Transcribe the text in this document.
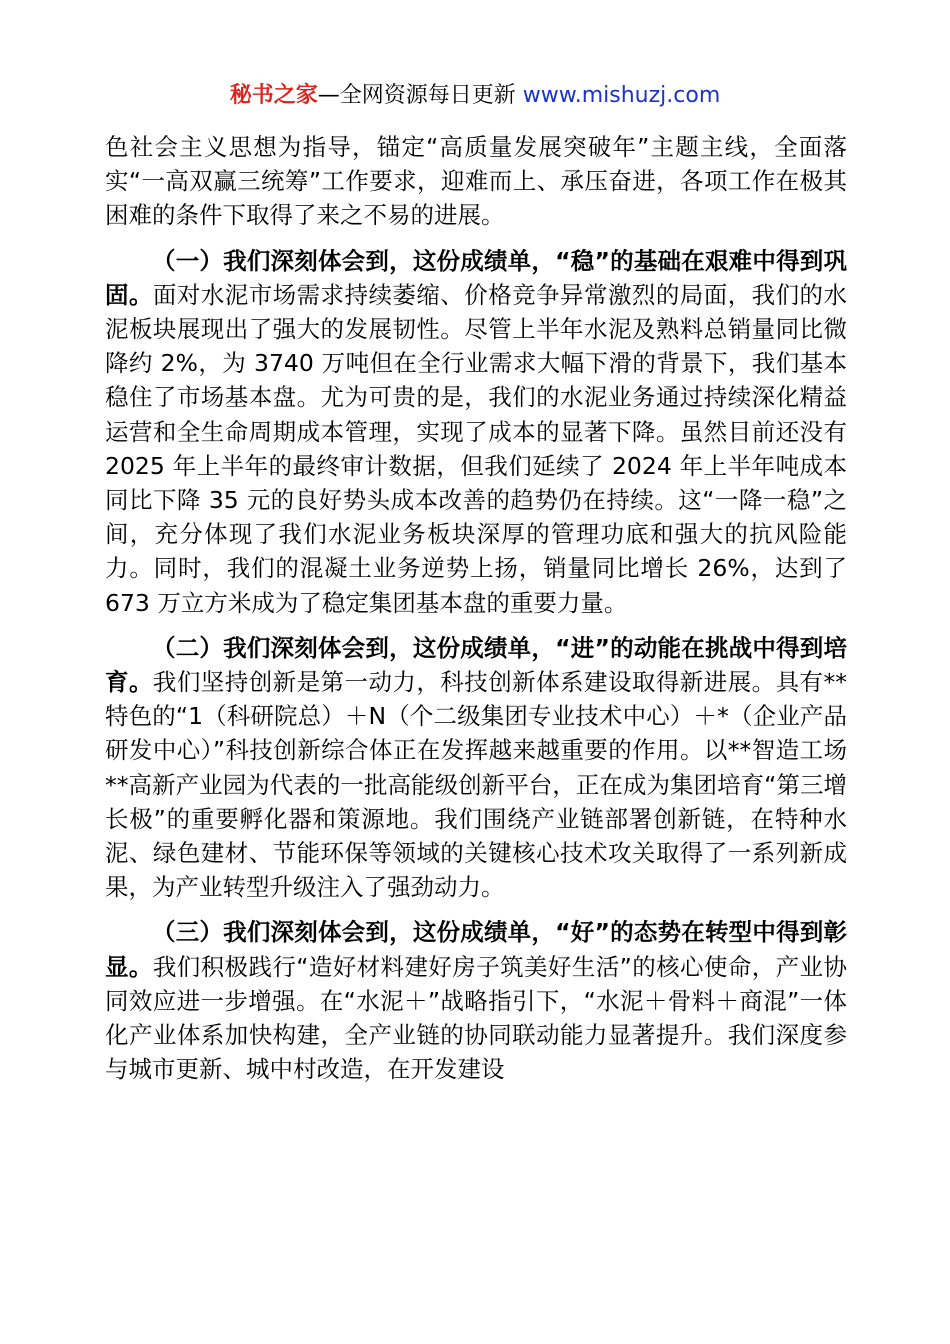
秘书之家—全网资源每日更新 www.mishuzj.com

色社会主义思想为指导，锚定“高质量发展突破年”主题主线，全面落实“一高双赢三统筹”工作要求，迎难而上、承压奋进，各项工作在极其困难的条件下取得了来之不易的进展。

（一）我们深刻体会到，这份成绩单，“稳”的基础在艰难中得到巩固。面对水泥市场需求持续萎缩、价格竞争异常激烈的局面，我们的水泥板块展现出了强大的发展韧性。尽管上半年水泥及熟料总销量同比微降约 2%，为 3740 万吨但在全行业需求大幅下滑的背景下，我们基本稳住了市场基本盘。尤为可贵的是，我们的水泥业务通过持续深化精益运营和全生命周期成本管理，实现了成本的显著下降。虽然目前还没有 2025 年上半年的最终审计数据，但我们延续了 2024 年上半年吨成本同比下降 35 元的良好势头成本改善的趋势仍在持续。这“一降一稳”之间，充分体现了我们水泥业务板块深厚的管理功底和强大的抗风险能力。同时，我们的混凝土业务逆势上扬，销量同比增长 26%，达到了 673 万立方米成为了稳定集团基本盘的重要力量。

（二）我们深刻体会到，这份成绩单，“进”的动能在挑战中得到培育。我们坚持创新是第一动力，科技创新体系建设取得新进展。具有**特色的“1（科研院总）＋N（个二级集团专业技术中心）＋*（企业产品研发中心）”科技创新综合体正在发挥越来越重要的作用。以**智造工场**高新产业园为代表的一批高能级创新平台，正在成为集团培育“第三增长极”的重要孵化器和策源地。我们围绕产业链部署创新链，在特种水泥、绿色建材、节能环保等领域的关键核心技术攻关取得了一系列新成果，为产业转型升级注入了强劲动力。

（三）我们深刻体会到，这份成绩单，“好”的态势在转型中得到彰显。我们积极践行“造好材料建好房子筑美好生活”的核心使命，产业协同效应进一步增强。在“水泥＋”战略指引下，“水泥＋骨料＋商混”一体化产业体系加快构建，全产业链的协同联动能力显著提升。我们深度参与城市更新、城中村改造，在开发建设
